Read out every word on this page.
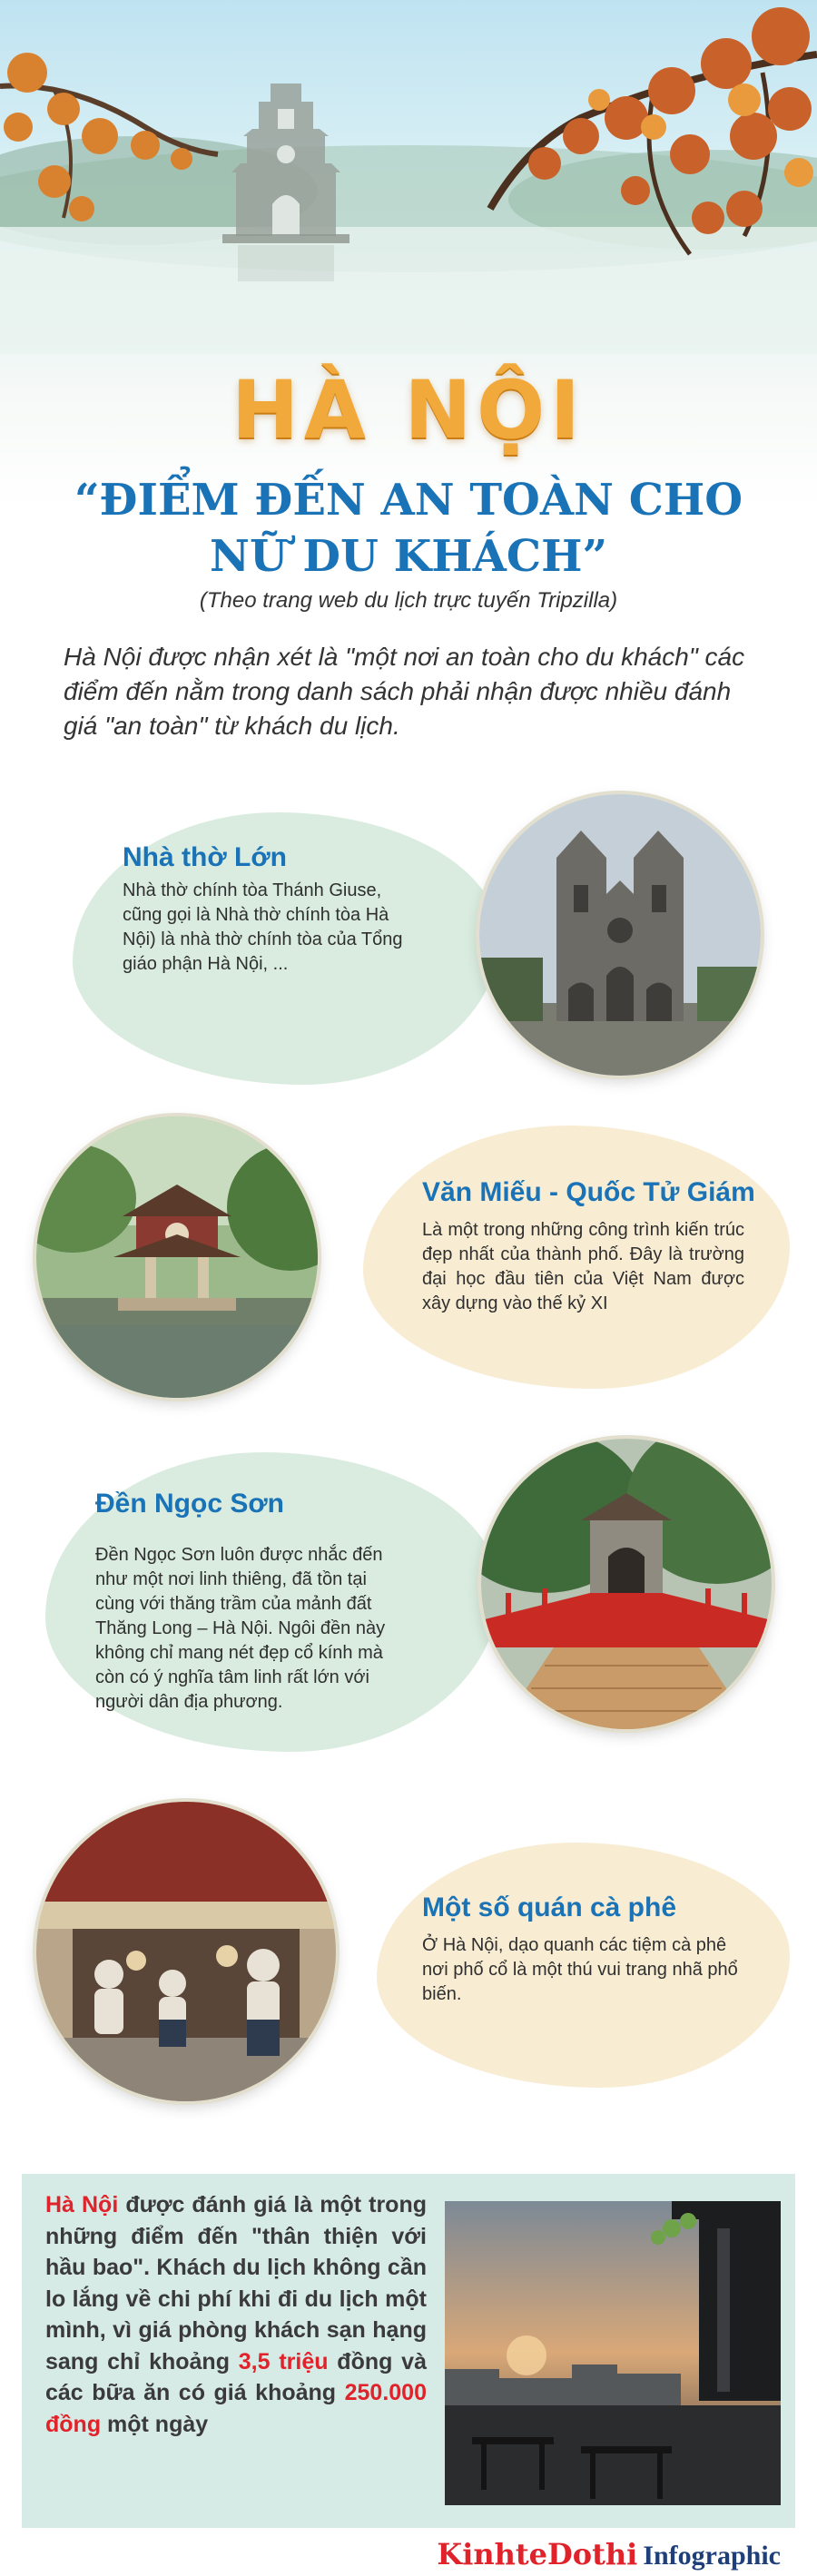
HÀ NỘI
“ĐIỂM ĐẾN AN TOÀN CHO
NỮ DU KHÁCH”
(Theo trang web du lịch trực tuyến Tripzilla)
Hà Nội được nhận xét là "một nơi an toàn cho du khách" các điểm đến nằm trong danh sách phải nhận được nhiều đánh giá "an toàn" từ khách du lịch.
Nhà thờ Lớn
Nhà thờ chính tòa Thánh Giuse, cũng gọi là Nhà thờ chính tòa Hà Nội) là nhà thờ chính tòa của Tổng giáo phận Hà Nội, ...
Văn Miếu - Quốc Tử Giám
Là một trong những công trình kiến trúc đẹp nhất của thành phố. Đây là trường đại học đầu tiên của Việt Nam được xây dựng vào thế kỷ XI
Đền Ngọc Sơn
Đền Ngọc Sơn luôn được nhắc đến như một nơi linh thiêng, đã tồn tại cùng với thăng trầm của mảnh đất Thăng Long – Hà Nội. Ngôi đền này không chỉ mang nét đẹp cổ kính mà còn có ý nghĩa tâm linh rất lớn với người dân địa phương.
Một số quán cà phê
Ở Hà Nội, dạo quanh các tiệm cà phê nơi phố cổ là một thú vui trang nhã phổ biến.
Hà Nội được đánh giá là một trong những điểm đến "thân thiện với hầu bao". Khách du lịch không cần lo lắng về chi phí khi đi du lịch một mình, vì giá phòng khách sạn hạng sang chỉ khoảng 3,5 triệu đồng và các bữa ăn có giá khoảng 250.000 đồng một ngày
KinhteDothi Infographic
